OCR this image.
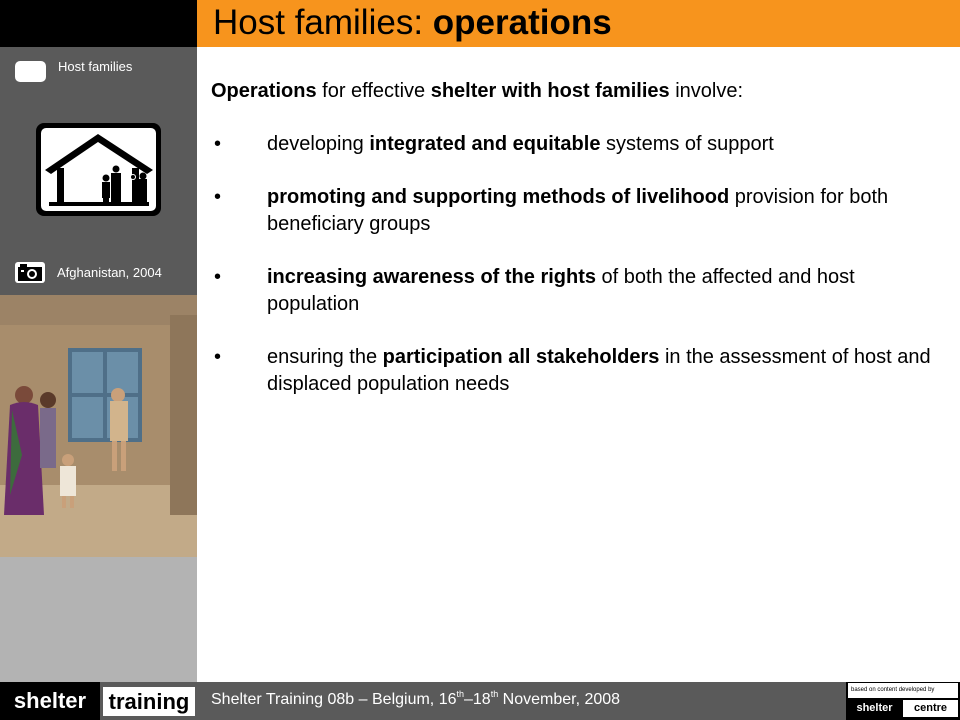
Host families
Afghanistan, 2004
Host families: operations

Operations for effective shelter with host families involve:

• developing integrated and equitable systems of support
• promoting and supporting methods of livelihood provision for both beneficiary groups
• increasing awareness of the rights of both the affected and host population
• ensuring the participation all stakeholders in the assessment of host and displaced population needs
shelter	training	Shelter Training 08b – Belgium, 16th–18th November, 2008
based on content developed by
shelter	centre
